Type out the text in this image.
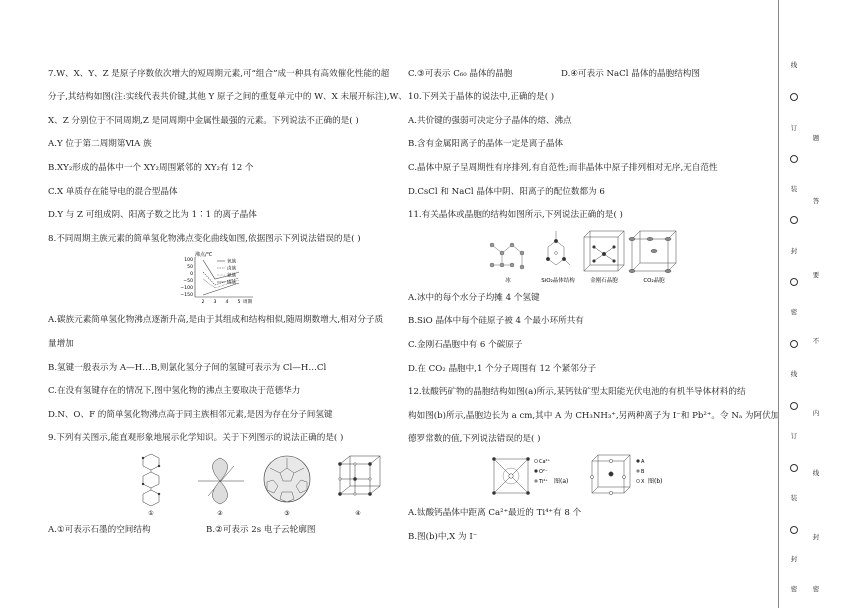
7.W、X、Y、Z 是原子序数依次增大的短周期元素,可“组合”成一种具有高效催化性能的超
分子,其结构如图(注:实线代表共价键,其他 Y 原子之间的重复单元中的 W、X 未展开标注),W、
X、Z 分别位于不同周期,Z 是同周期中金属性最强的元素。下列说法不正确的是( )
A.Y 位于第二周期第ⅥA 族
B.XY₂形成的晶体中一个 XY₂周围紧邻的 XY₂有 12 个
C.X 单质存在能导电的混合型晶体
D.Y 与 Z 可组成阴、阳离子数之比为 1∶1 的离子晶体
8.不同周期主族元素的简单氢化物沸点变化曲线如图,依据图示下列说法错误的是( )
沸点/℃
100
50
0
−50
−100
−150
2 3 4 5 周期
氧族
卤族
氮族
碳族
A.碳族元素简单氢化物沸点逐渐升高,是由于其组成和结构相似,随周期数增大,相对分子质
量增加
B.氢键一般表示为 A—H…B,则氯化氢分子间的氢键可表示为 Cl—H…Cl
C.在没有氢键存在的情况下,图中氢化物的沸点主要取决于范德华力
D.N、O、F 的简单氢化物沸点高于同主族相邻元素,是因为存在分子间氢键
9.下列有关图示,能直观形象地展示化学知识。关于下列图示的说法正确的是( )
①	②	③	④
A.①可表示石墨的空间结构	B.②可表示 2s 电子云轮廓图
C.③可表示 C₆₀ 晶体的晶胞	D.④可表示 NaCl 晶体的晶胞结构图
10.下列关于晶体的说法中,正确的是( )
A.共价键的强弱可决定分子晶体的熔、沸点
B.含有金属阳离子的晶体一定是离子晶体
C.晶体中原子呈周期性有序排列,有自范性;而非晶体中原子排列相对无序,无自范性
D.CsCl 和 NaCl 晶体中阴、阳离子的配位数都为 6
11.有关晶体或晶胞的结构如图所示,下列说法正确的是( )
冰	SiO₂晶体结构	金刚石晶胞	CO₂晶胞
A.冰中的每个水分子均摊 4 个氢键
B.SiO 晶体中每个硅原子被 4 个最小环所共有
C.金刚石晶胞中有 6 个碳原子
D.在 CO₂ 晶胞中,1 个分子周围有 12 个紧邻分子
12.钛酸钙矿物的晶胞结构如图(a)所示,某钙钛矿型太阳能光伏电池的有机半导体材料的结
构如图(b)所示,晶胞边长为 a cm,其中 A 为 CH₃NH₃⁺,另两种离子为 I⁻和 Pb²⁺。令 Nₐ 为阿伏加
德罗常数的值,下列说法错误的是( )
Ca²⁺
O²⁻
Ti⁴⁺ 图(a)
A
B
X 图(b)
A.钛酸钙晶体中距离 Ca²⁺最近的 Ti⁴⁺有 8 个
B.图(b)中,X 为 I⁻
线
订
装
封
密
线
订
装
封
密
题
答
要
不
内
线
封
密
